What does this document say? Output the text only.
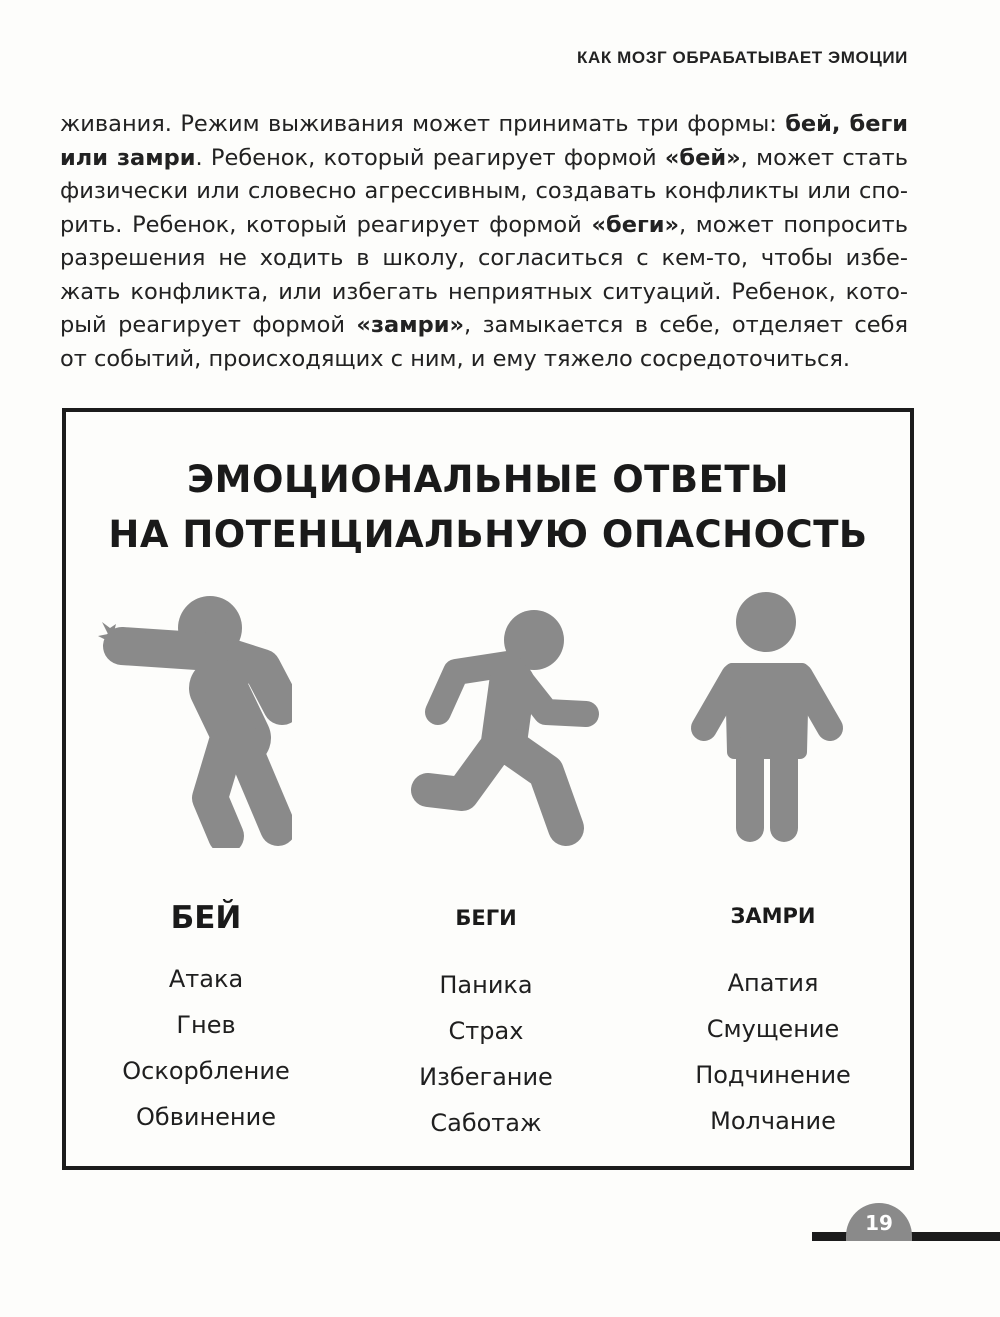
КАК МОЗГ ОБРАБАТЫВАЕТ ЭМОЦИИ
живания. Режим выживания может принимать три формы: бей, беги
или замри. Ребенок, который реагирует формой «бей», может стать
физически или словесно агрессивным, создавать конфликты или спо-
рить. Ребенок, который реагирует формой «беги», может попросить
разрешения не ходить в школу, согласиться с кем-то, чтобы избе-
жать конфликта, или избегать неприятных ситуаций. Ребенок, кото-
рый реагирует формой «замри», замыкается в себе, отделяет себя
от событий, происходящих с ним, и ему тяжело сосредоточиться.
ЭМОЦИОНАЛЬНЫЕ ОТВЕТЫ
НА ПОТЕНЦИАЛЬНУЮ ОПАСНОСТЬ
БЕЙ
Атака
Гнев
Оскорбление
Обвинение
БЕГИ
Паника
Страх
Избегание
Саботаж
ЗАМРИ
Апатия
Смущение
Подчинение
Молчание
19
